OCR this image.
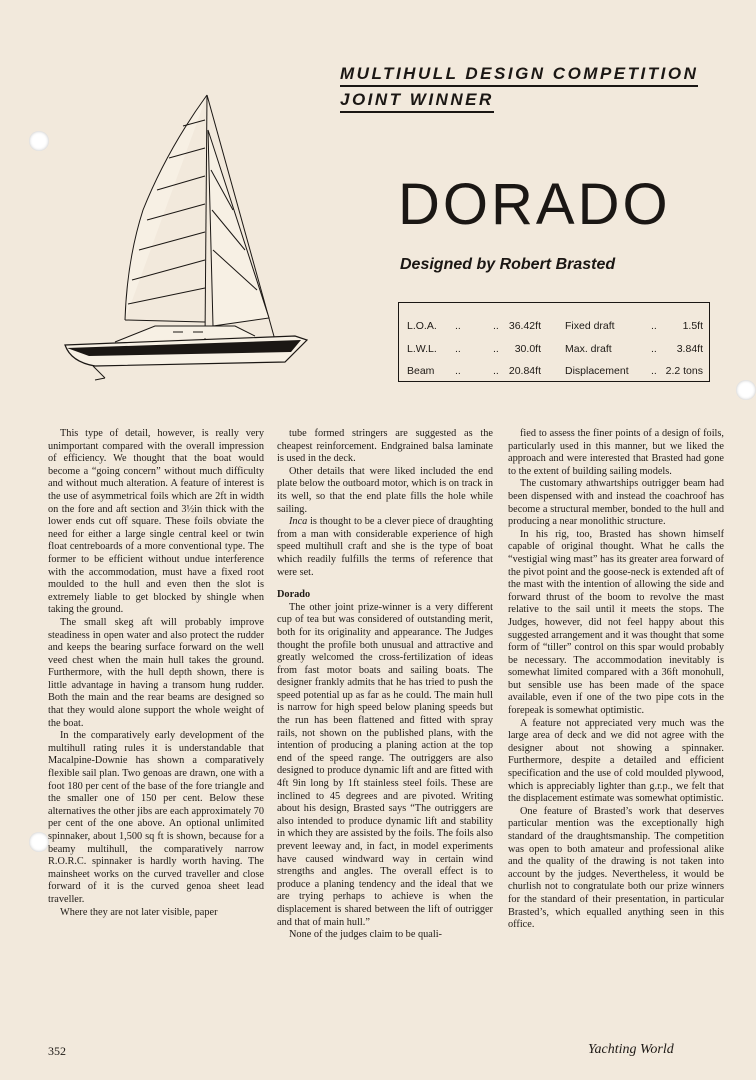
MULTIHULL DESIGN COMPETITION
JOINT WINNER
DORADO
Designed by Robert Brasted
L.O.A. ..	.. 36.42ft Fixed draft	.. 1.5ft
L.W.L. ..	.. 30.0ft Max. draft	.. 3.84ft
Beam ..	.. 20.84ft Displacement .. 2.2 tons

This type of detail, however, is really very unimportant compared with the overall impression of efficiency. We thought that the boat would become a “going concern” without much difficulty and without much alteration. A feature of interest is the use of asymmetrical foils which are 2ft in width on the fore and aft section and 3½in thick with the lower ends cut off square. These foils obviate the need for either a large single central keel or twin float centreboards of a more conventional type. The former to be efficient without undue interference with the accommodation, must have a fixed root moulded to the hull and even then the slot is extremely liable to get blocked by shingle when taking the ground.

The small skeg aft will probably improve steadiness in open water and also protect the rudder and keeps the bearing surface forward on the well veed chest when the main hull takes the ground. Furthermore, with the hull depth shown, there is little advantage in having a transom hung rudder. Both the main and the rear beams are designed so that they would alone support the whole weight of the boat.

In the comparatively early development of the multihull rating rules it is understandable that Macalpine-Downie has shown a comparatively flexible sail plan. Two genoas are drawn, one with a foot 180 per cent of the base of the fore triangle and the smaller one of 150 per cent. Below these alternatives the other jibs are each approximately 70 per cent of the one above. An optional unlimited spinnaker, about 1,500 sq ft is shown, because for a beamy multihull, the comparatively narrow R.O.R.C. spinnaker is hardly worth having. The mainsheet works on the curved traveller and close forward of it is the curved genoa sheet lead traveller.

Where they are not later visible, paper

tube formed stringers are suggested as the cheapest reinforcement. Endgrained balsa laminate is used in the deck.

Other details that were liked included the end plate below the outboard motor, which is on track in its well, so that the end plate fills the hole while sailing.

Inca is thought to be a clever piece of draughting from a man with considerable experience of high speed multihull craft and she is the type of boat which readily fulfills the terms of reference that were set.

Dorado

The other joint prize-winner is a very different cup of tea but was considered of outstanding merit, both for its originality and appearance. The Judges thought the profile both unusual and attractive and greatly welcomed the cross-fertilization of ideas from fast motor boats and sailing boats. The designer frankly admits that he has tried to push the speed potential up as far as he could. The main hull is narrow for high speed below planing speeds but the run has been flattened and fitted with spray rails, not shown on the published plans, with the intention of producing a planing action at the top end of the speed range. The outriggers are also designed to produce dynamic lift and are fitted with 4ft 9in long by 1ft stainless steel foils. These are inclined to 45 degrees and are pivoted. Writing about his design, Brasted says “The outriggers are also intended to produce dynamic lift and stability in which they are assisted by the foils. The foils also prevent leeway and, in fact, in model experiments have caused windward way in certain wind strengths and angles. The overall effect is to produce a planing tendency and the ideal that we are trying perhaps to achieve is when the displacement is shared between the lift of outrigger and that of main hull.”

None of the judges claim to be quali-

fied to assess the finer points of a design of foils, particularly used in this manner, but we liked the approach and were interested that Brasted had gone to the extent of building sailing models.

The customary athwartships outrigger beam had been dispensed with and instead the coachroof has become a structural member, bonded to the hull and producing a near monolithic structure.

In his rig, too, Brasted has shown himself capable of original thought. What he calls the “vestigial wing mast” has its greater area forward of the pivot point and the goose-neck is extended aft of the mast with the intention of allowing the side and forward thrust of the boom to revolve the mast relative to the sail until it meets the stops. The Judges, however, did not feel happy about this suggested arrangement and it was thought that some form of “tiller” control on this spar would probably be necessary. The accommodation inevitably is somewhat limited compared with a 36ft monohull, but sensible use has been made of the space available, even if one of the two pipe cots in the forepeak is somewhat optimistic.

A feature not appreciated very much was the large area of deck and we did not agree with the designer about not showing a spinnaker. Furthermore, despite a detailed and efficient specification and the use of cold moulded plywood, which is appreciably lighter than g.r.p., we felt that the displacement estimate was somewhat optimistic.

One feature of Brasted’s work that deserves particular mention was the exceptionally high standard of the draughtsmanship. The competition was open to both amateur and professional alike and the quality of the drawing is not taken into account by the judges. Nevertheless, it would be churlish not to congratulate both our prize winners for the standard of their presentation, in particular Brasted’s, which equalled anything seen in this office.

352	Yachting World
